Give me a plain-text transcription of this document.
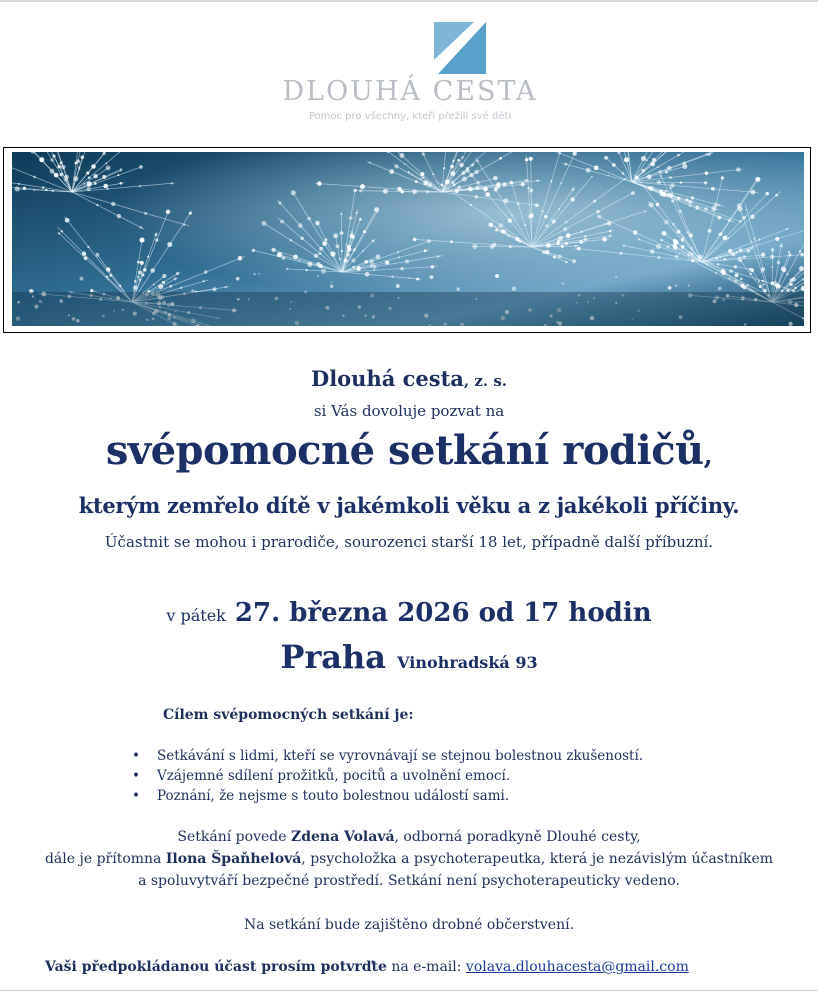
DLOUHÁ CESTA
Pomoc pro všechny, kteří přežili své děti
Dlouhá cesta, z. s.
si Vás dovoluje pozvat na
svépomocné setkání rodičů,
kterým zemřelo dítě v jakémkoli věku a z jakékoli příčiny.
Účastnit se mohou i prarodiče, sourozenci starší 18 let, případně další příbuzní.
v pátek 27. března 2026 od 17 hodin
Praha Vinohradská 93
Cílem svépomocných setkání je:
• Setkávání s lidmi, kteří se vyrovnávají se stejnou bolestnou zkušeností.
• Vzájemné sdílení prožitků, pocitů a uvolnění emocí.
• Poznání, že nejsme s touto bolestnou událostí sami.
Setkání povede Zdena Volavá, odborná poradkyně Dlouhé cesty,
dále je přítomna Ilona Špaňhelová, psycholožka a psychoterapeutka, která je nezávislým účastníkem
a spoluvytváří bezpečné prostředí. Setkání není psychoterapeuticky vedeno.
Na setkání bude zajištěno drobné občerstvení.
Vaši předpokládanou účast prosím potvrďte na e-mail: volava.dlouhacesta@gmail.com
